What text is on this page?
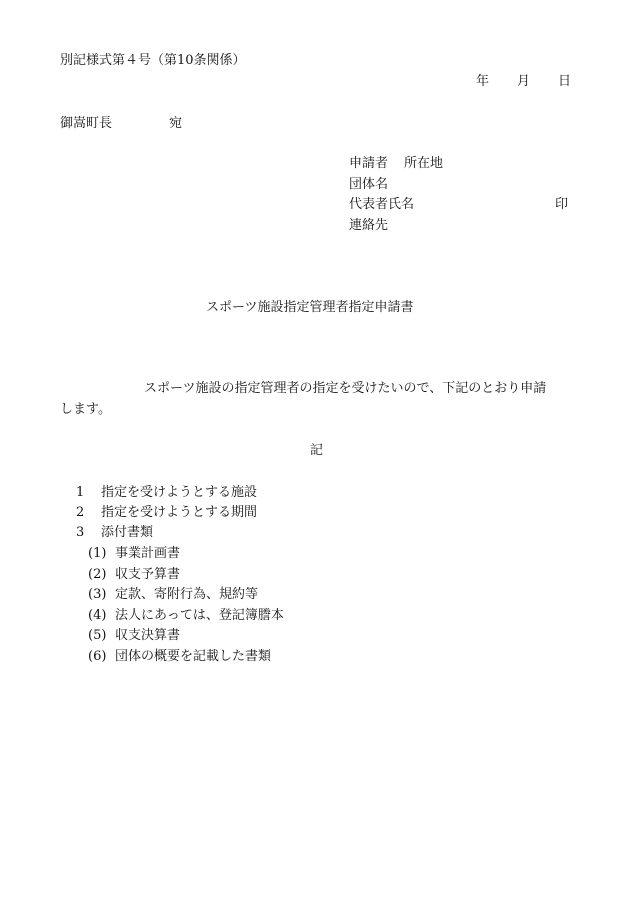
別記様式第４号（第10条関係）
年 月 日
御嵩町長	宛
申請者 所在地
団体名
代表者氏名	印
連絡先
スポーツ施設指定管理者指定申請書
スポーツ施設の指定管理者の指定を受けたいので、下記のとおり申請
します。
記
1	指定を受けようとする施設
2	指定を受けようとする期間
3	添付書類
(1) 事業計画書
(2) 収支予算書
(3) 定款、寄附行為、規約等
(4) 法人にあっては、登記簿謄本
(5) 収支決算書
(6) 団体の概要を記載した書類
